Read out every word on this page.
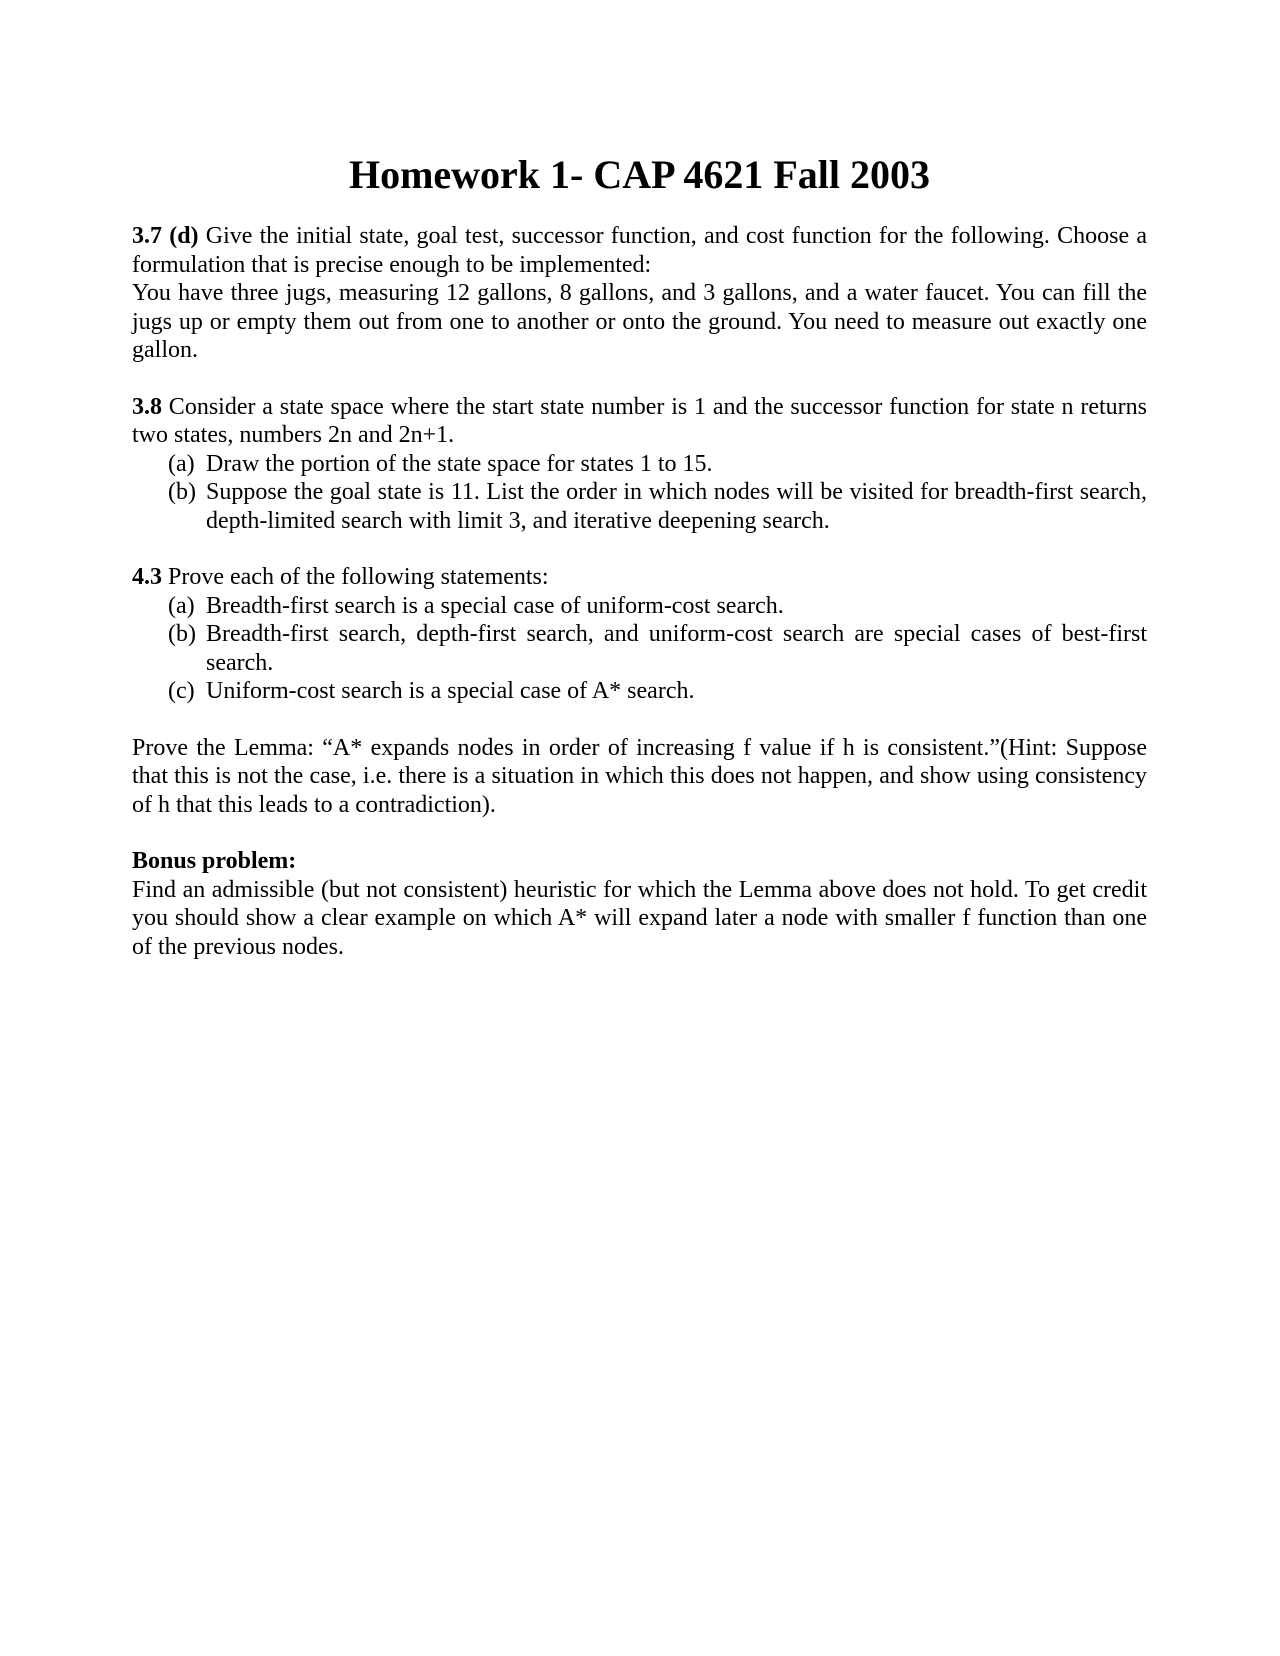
Homework 1- CAP 4621 Fall 2003

3.7 (d) Give the initial state, goal test, successor function, and cost function for the following. Choose a formulation that is precise enough to be implemented:

You have three jugs, measuring 12 gallons, 8 gallons, and 3 gallons, and a water faucet. You can fill the jugs up or empty them out from one to another or onto the ground. You need to measure out exactly one gallon.

3.8 Consider a state space where the start state number is 1 and the successor function for state n returns two states, numbers 2n and 2n+1.

(a) Draw the portion of the state space for states 1 to 15.
(b) Suppose the goal state is 11. List the order in which nodes will be visited for breadth-first search, depth-limited search with limit 3, and iterative deepening search.

4.3 Prove each of the following statements:

(a) Breadth-first search is a special case of uniform-cost search.
(b) Breadth-first search, depth-first search, and uniform-cost search are special cases of best-first search.
(c) Uniform-cost search is a special case of A* search.

Prove the Lemma: “A* expands nodes in order of increasing f value if h is consistent.”(Hint: Suppose that this is not the case, i.e. there is a situation in which this does not happen, and show using consistency of h that this leads to a contradiction).

Bonus problem:

Find an admissible (but not consistent) heuristic for which the Lemma above does not hold. To get credit you should show a clear example on which A* will expand later a node with smaller f function than one of the previous nodes.
